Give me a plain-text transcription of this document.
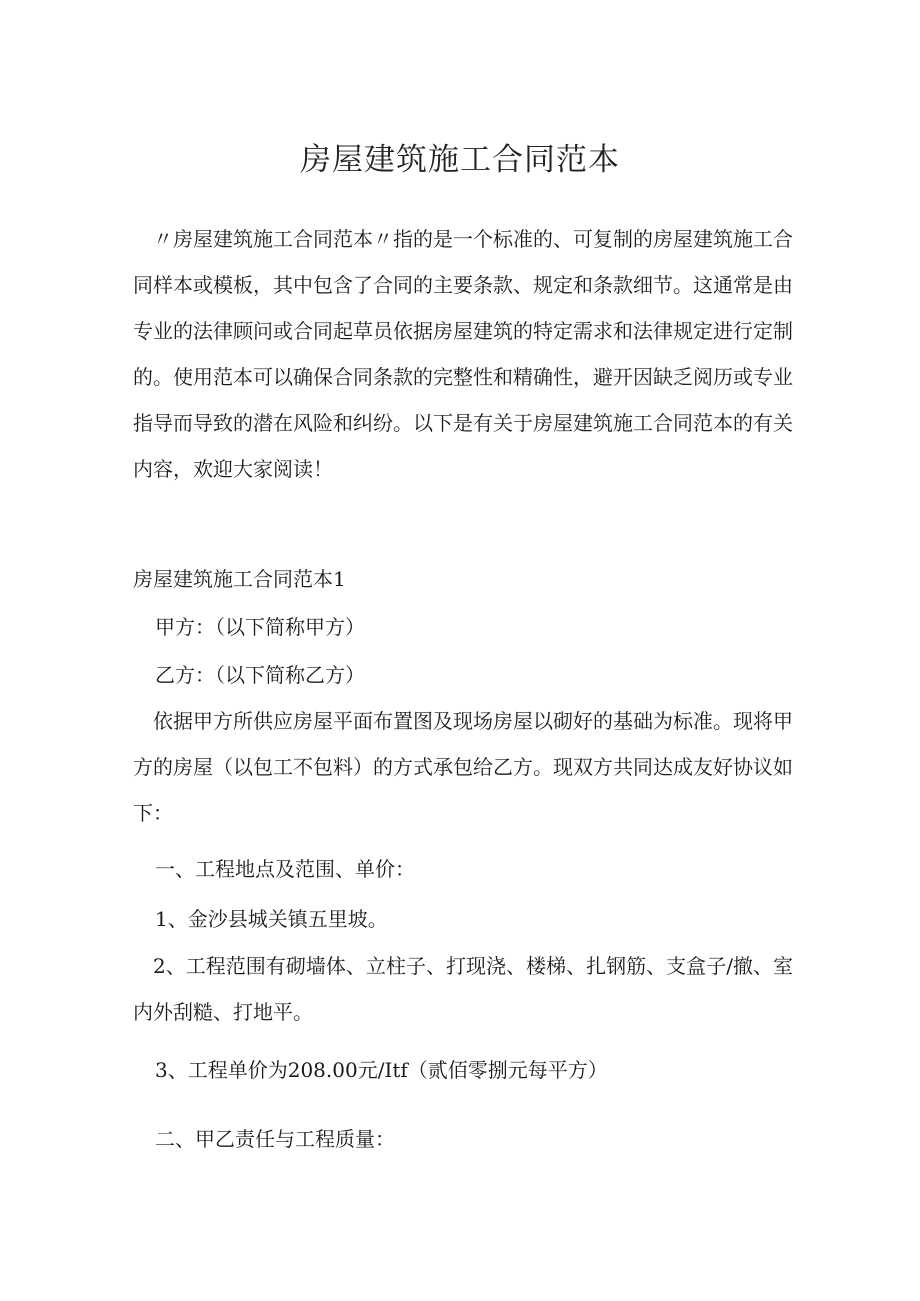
房屋建筑施工合同范本

〃房屋建筑施工合同范本〃指的是一个标准的、可复制的房屋建筑施工合同样本或模板，其中包含了合同的主要条款、规定和条款细节。这通常是由专业的法律顾问或合同起草员依据房屋建筑的特定需求和法律规定进行定制的。使用范本可以确保合同条款的完整性和精确性，避开因缺乏阅历或专业指导而导致的潜在风险和纠纷。以下是有关于房屋建筑施工合同范本的有关内容，欢迎大家阅读！

房屋建筑施工合同范本1
甲方：（以下简称甲方）
乙方：（以下简称乙方）

依据甲方所供应房屋平面布置图及现场房屋以砌好的基础为标准。现将甲方的房屋（以包工不包料）的方式承包给乙方。现双方共同达成友好协议如下：

一、工程地点及范围、单价：
1、金沙县城关镇五里坡。

2、工程范围有砌墙体、立柱子、打现浇、楼梯、扎钢筋、支盒子/撤、室内外刮糙、打地平。

3、工程单价为208.00元/Itf（贰佰零捌元每平方）
二、甲乙责任与工程质量：
